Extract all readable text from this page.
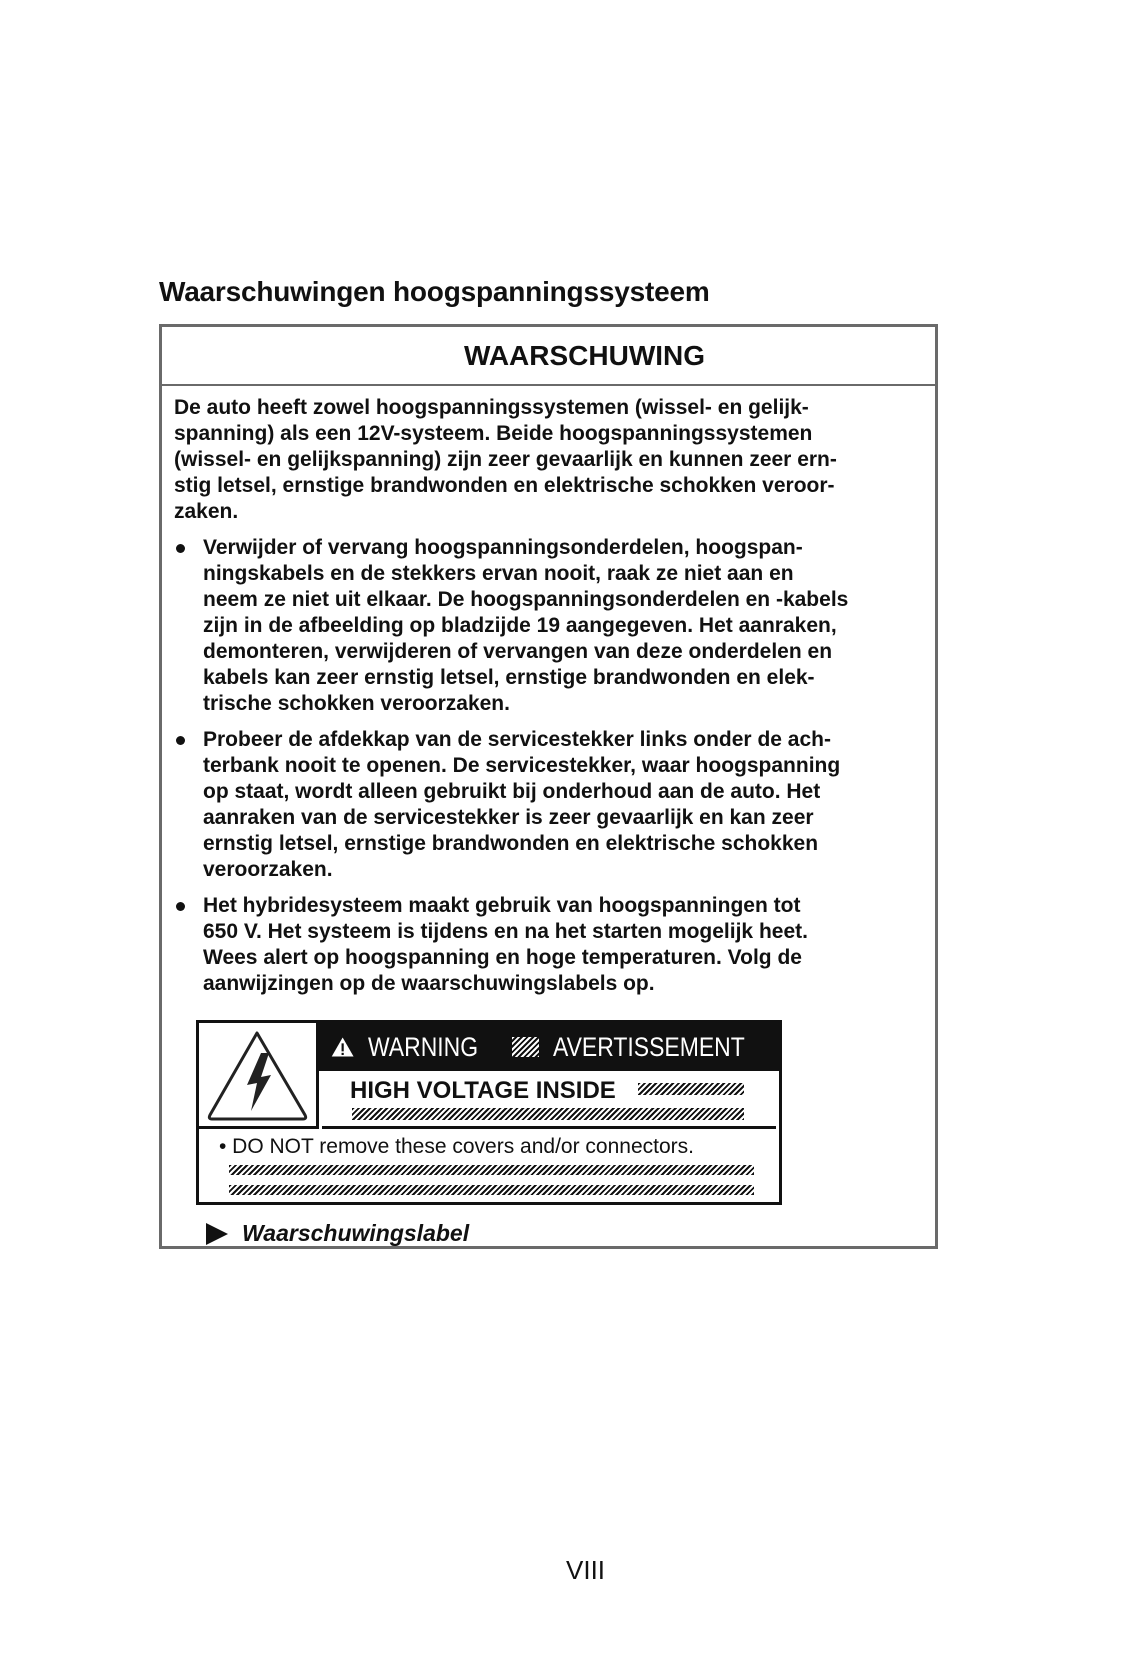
Waarschuwingen hoogspanningssysteem
WAARSCHUWING
De auto heeft zowel hoogspanningssystemen (wissel- en gelijk-
spanning) als een 12V-systeem. Beide hoogspanningssystemen
(wissel- en gelijkspanning) zijn zeer gevaarlijk en kunnen zeer ern-
stig letsel, ernstige brandwonden en elektrische schokken veroor-
zaken.
Verwijder of vervang hoogspanningsonderdelen, hoogspan-
ningskabels en de stekkers ervan nooit, raak ze niet aan en
neem ze niet uit elkaar. De hoogspanningsonderdelen en -kabels
zijn in de afbeelding op bladzijde 19 aangegeven. Het aanraken,
demonteren, verwijderen of vervangen van deze onderdelen en
kabels kan zeer ernstig letsel, ernstige brandwonden en elek-
trische schokken veroorzaken.
Probeer de afdekkap van de servicestekker links onder de ach-
terbank nooit te openen. De servicestekker, waar hoogspanning
op staat, wordt alleen gebruikt bij onderhoud aan de auto. Het
aanraken van de servicestekker is zeer gevaarlijk en kan zeer
ernstig letsel, ernstige brandwonden en elektrische schokken
veroorzaken.
Het hybridesysteem maakt gebruik van hoogspanningen tot
650 V. Het systeem is tijdens en na het starten mogelijk heet.
Wees alert op hoogspanning en hoge temperaturen. Volg de
aanwijzingen op de waarschuwingslabels op.
WARNING	AVERTISSEMENT
HIGH VOLTAGE INSIDE
• DO NOT remove these covers and/or connectors.
Waarschuwingslabel
VIII
